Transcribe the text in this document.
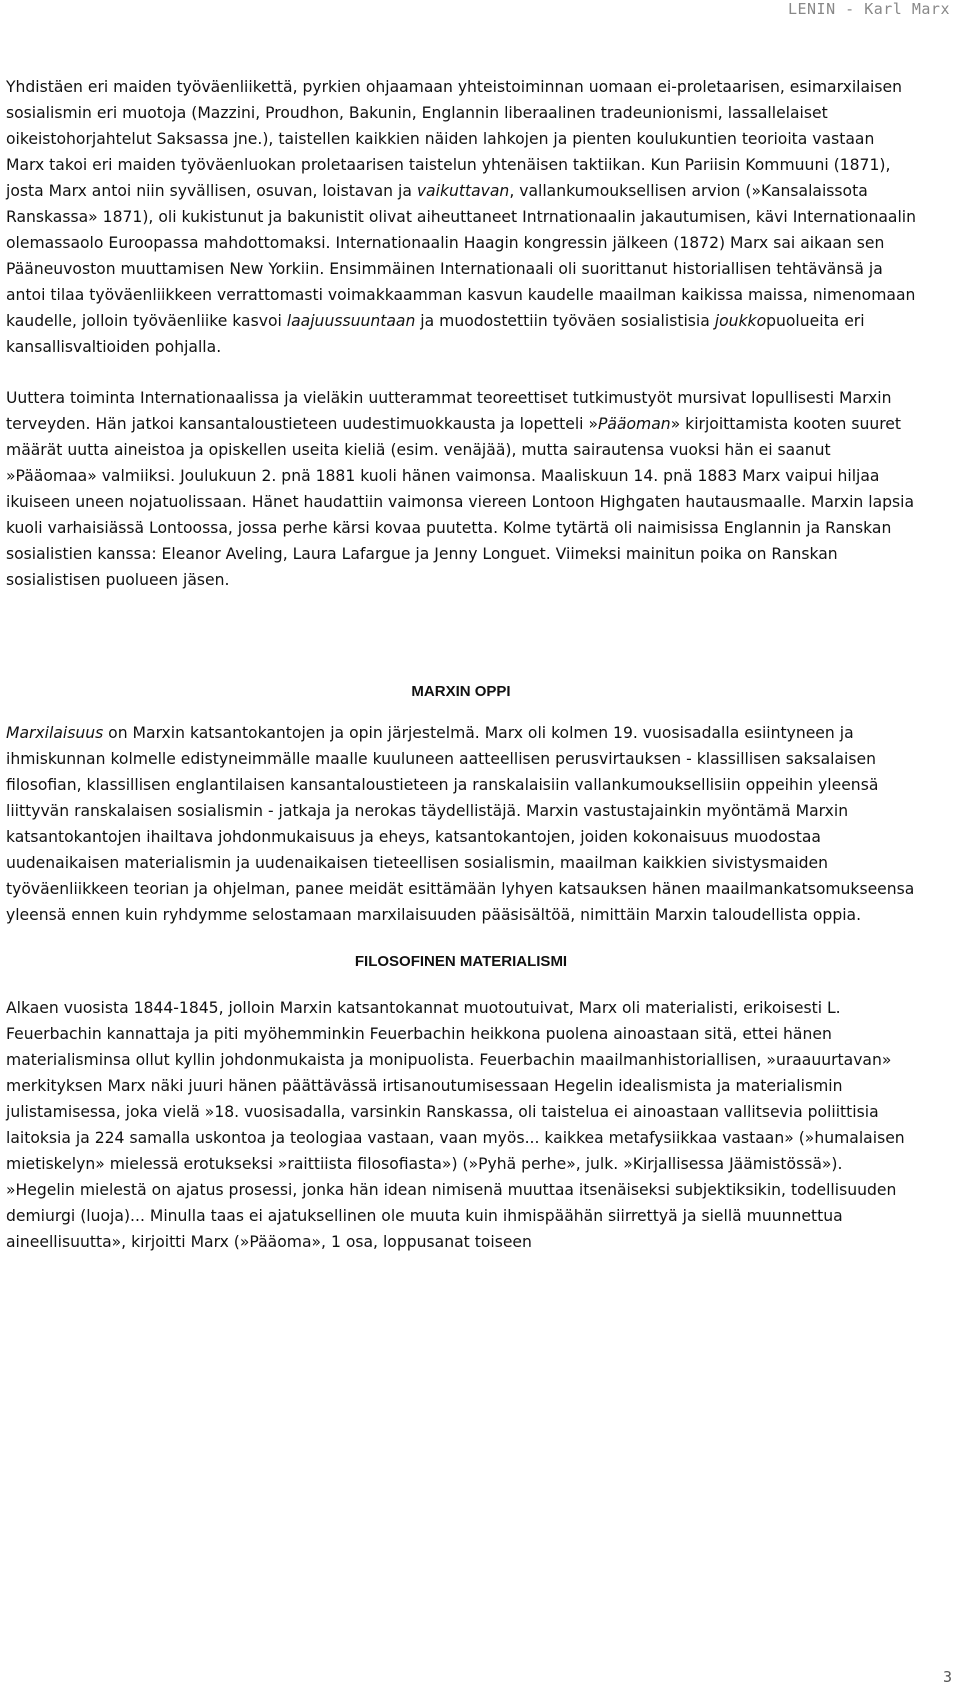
LENIN - Karl Marx

Yhdistäen eri maiden työväenliikettä, pyrkien ohjaamaan yhteistoiminnan uomaan ei-proletaarisen, esimarxilaisen sosialismin eri muotoja (Mazzini, Proudhon, Bakunin, Englannin liberaalinen tradeunionismi, lassallelaiset oikeistohorjahtelut Saksassa jne.), taistellen kaikkien näiden lahkojen ja pienten koulukuntien teorioita vastaan Marx takoi eri maiden työväenluokan proletaarisen taistelun yhtenäisen taktiikan. Kun Pariisin Kommuuni (1871), josta Marx antoi niin syvällisen, osuvan, loistavan ja vaikuttavan, vallankumouksellisen arvion (»Kansalaissota Ranskassa» 1871), oli kukistunut ja bakunistit olivat aiheuttaneet Intrnationaalin jakautumisen, kävi Internationaalin olemassaolo Euroopassa mahdottomaksi. Internationaalin Haagin kongressin jälkeen (1872) Marx sai aikaan sen Pääneuvoston muuttamisen New Yorkiin. Ensimmäinen Internationaali oli suorittanut historiallisen tehtävänsä ja antoi tilaa työväenliikkeen verrattomasti voimakkaamman kasvun kaudelle maailman kaikissa maissa, nimenomaan kaudelle, jolloin työväenliike kasvoi laajuussuuntaan ja muodostettiin työväen sosialistisia joukkopuolueita eri kansallisvaltioiden pohjalla.

Uuttera toiminta Internationaalissa ja vieläkin uutterammat teoreettiset tutkimustyöt mursivat lopullisesti Marxin terveyden. Hän jatkoi kansantaloustieteen uudestimuokkausta ja lopetteli »Pääoman» kirjoittamista kooten suuret määrät uutta aineistoa ja opiskellen useita kieliä (esim. venäjää), mutta sairautensa vuoksi hän ei saanut »Pääomaa» valmiiksi. Joulukuun 2. pnä 1881 kuoli hänen vaimonsa. Maaliskuun 14. pnä 1883 Marx vaipui hiljaa ikuiseen uneen nojatuolissaan. Hänet haudattiin vaimonsa viereen Lontoon Highgaten hautausmaalle. Marxin lapsia kuoli varhaisiässä Lontoossa, jossa perhe kärsi kovaa puutetta. Kolme tytärtä oli naimisissa Englannin ja Ranskan sosialistien kanssa: Eleanor Aveling, Laura Lafargue ja Jenny Longuet. Viimeksi mainitun poika on Ranskan sosialistisen puolueen jäsen.

MARXIN OPPI

Marxilaisuus on Marxin katsantokantojen ja opin järjestelmä. Marx oli kolmen 19. vuosisadalla esiintyneen ja ihmiskunnan kolmelle edistyneimmälle maalle kuuluneen aatteellisen perusvirtauksen - klassillisen saksalaisen filosofian, klassillisen englantilaisen kansantaloustieteen ja ranskalaisiin vallankumouksellisiin oppeihin yleensä liittyvän ranskalaisen sosialismin - jatkaja ja nerokas täydellistäjä. Marxin vastustajainkin myöntämä Marxin katsantokantojen ihailtava johdonmukaisuus ja eheys, katsantokantojen, joiden kokonaisuus muodostaa uudenaikaisen materialismin ja uudenaikaisen tieteellisen sosialismin, maailman kaikkien sivistysmaiden työväenliikkeen teorian ja ohjelman, panee meidät esittämään lyhyen katsauksen hänen maailmankatsomukseensa yleensä ennen kuin ryhdymme selostamaan marxilaisuuden pääsisältöä, nimittäin Marxin taloudellista oppia.

FILOSOFINEN MATERIALISMI

Alkaen vuosista 1844-1845, jolloin Marxin katsantokannat muotoutuivat, Marx oli materialisti, erikoisesti L. Feuerbachin kannattaja ja piti myöhemminkin Feuerbachin heikkona puolena ainoastaan sitä, ettei hänen materialisminsa ollut kyllin johdonmukaista ja monipuolista. Feuerbachin maailmanhistoriallisen, »uraauurtavan» merkityksen Marx näki juuri hänen päättävässä irtisanoutumisessaan Hegelin idealismista ja materialismin julistamisessa, joka vielä »18. vuosisadalla, varsinkin Ranskassa, oli taistelua ei ainoastaan vallitsevia poliittisia laitoksia ja 224 samalla uskontoa ja teologiaa vastaan, vaan myös... kaikkea metafysiikkaa vastaan» (»humalaisen mietiskelyn» mielessä erotukseksi »raittiista filosofiasta») (»Pyhä perhe», julk. »Kirjallisessa Jäämistössä»). »Hegelin mielestä on ajatus prosessi, jonka hän idean nimisenä muuttaa itsenäiseksi subjektiksikin, todellisuuden demiurgi (luoja)... Minulla taas ei ajatuksellinen ole muuta kuin ihmispäähän siirrettyä ja siellä muunnettua aineellisuutta», kirjoitti Marx (»Pääoma», 1 osa, loppusanat toiseen

3
